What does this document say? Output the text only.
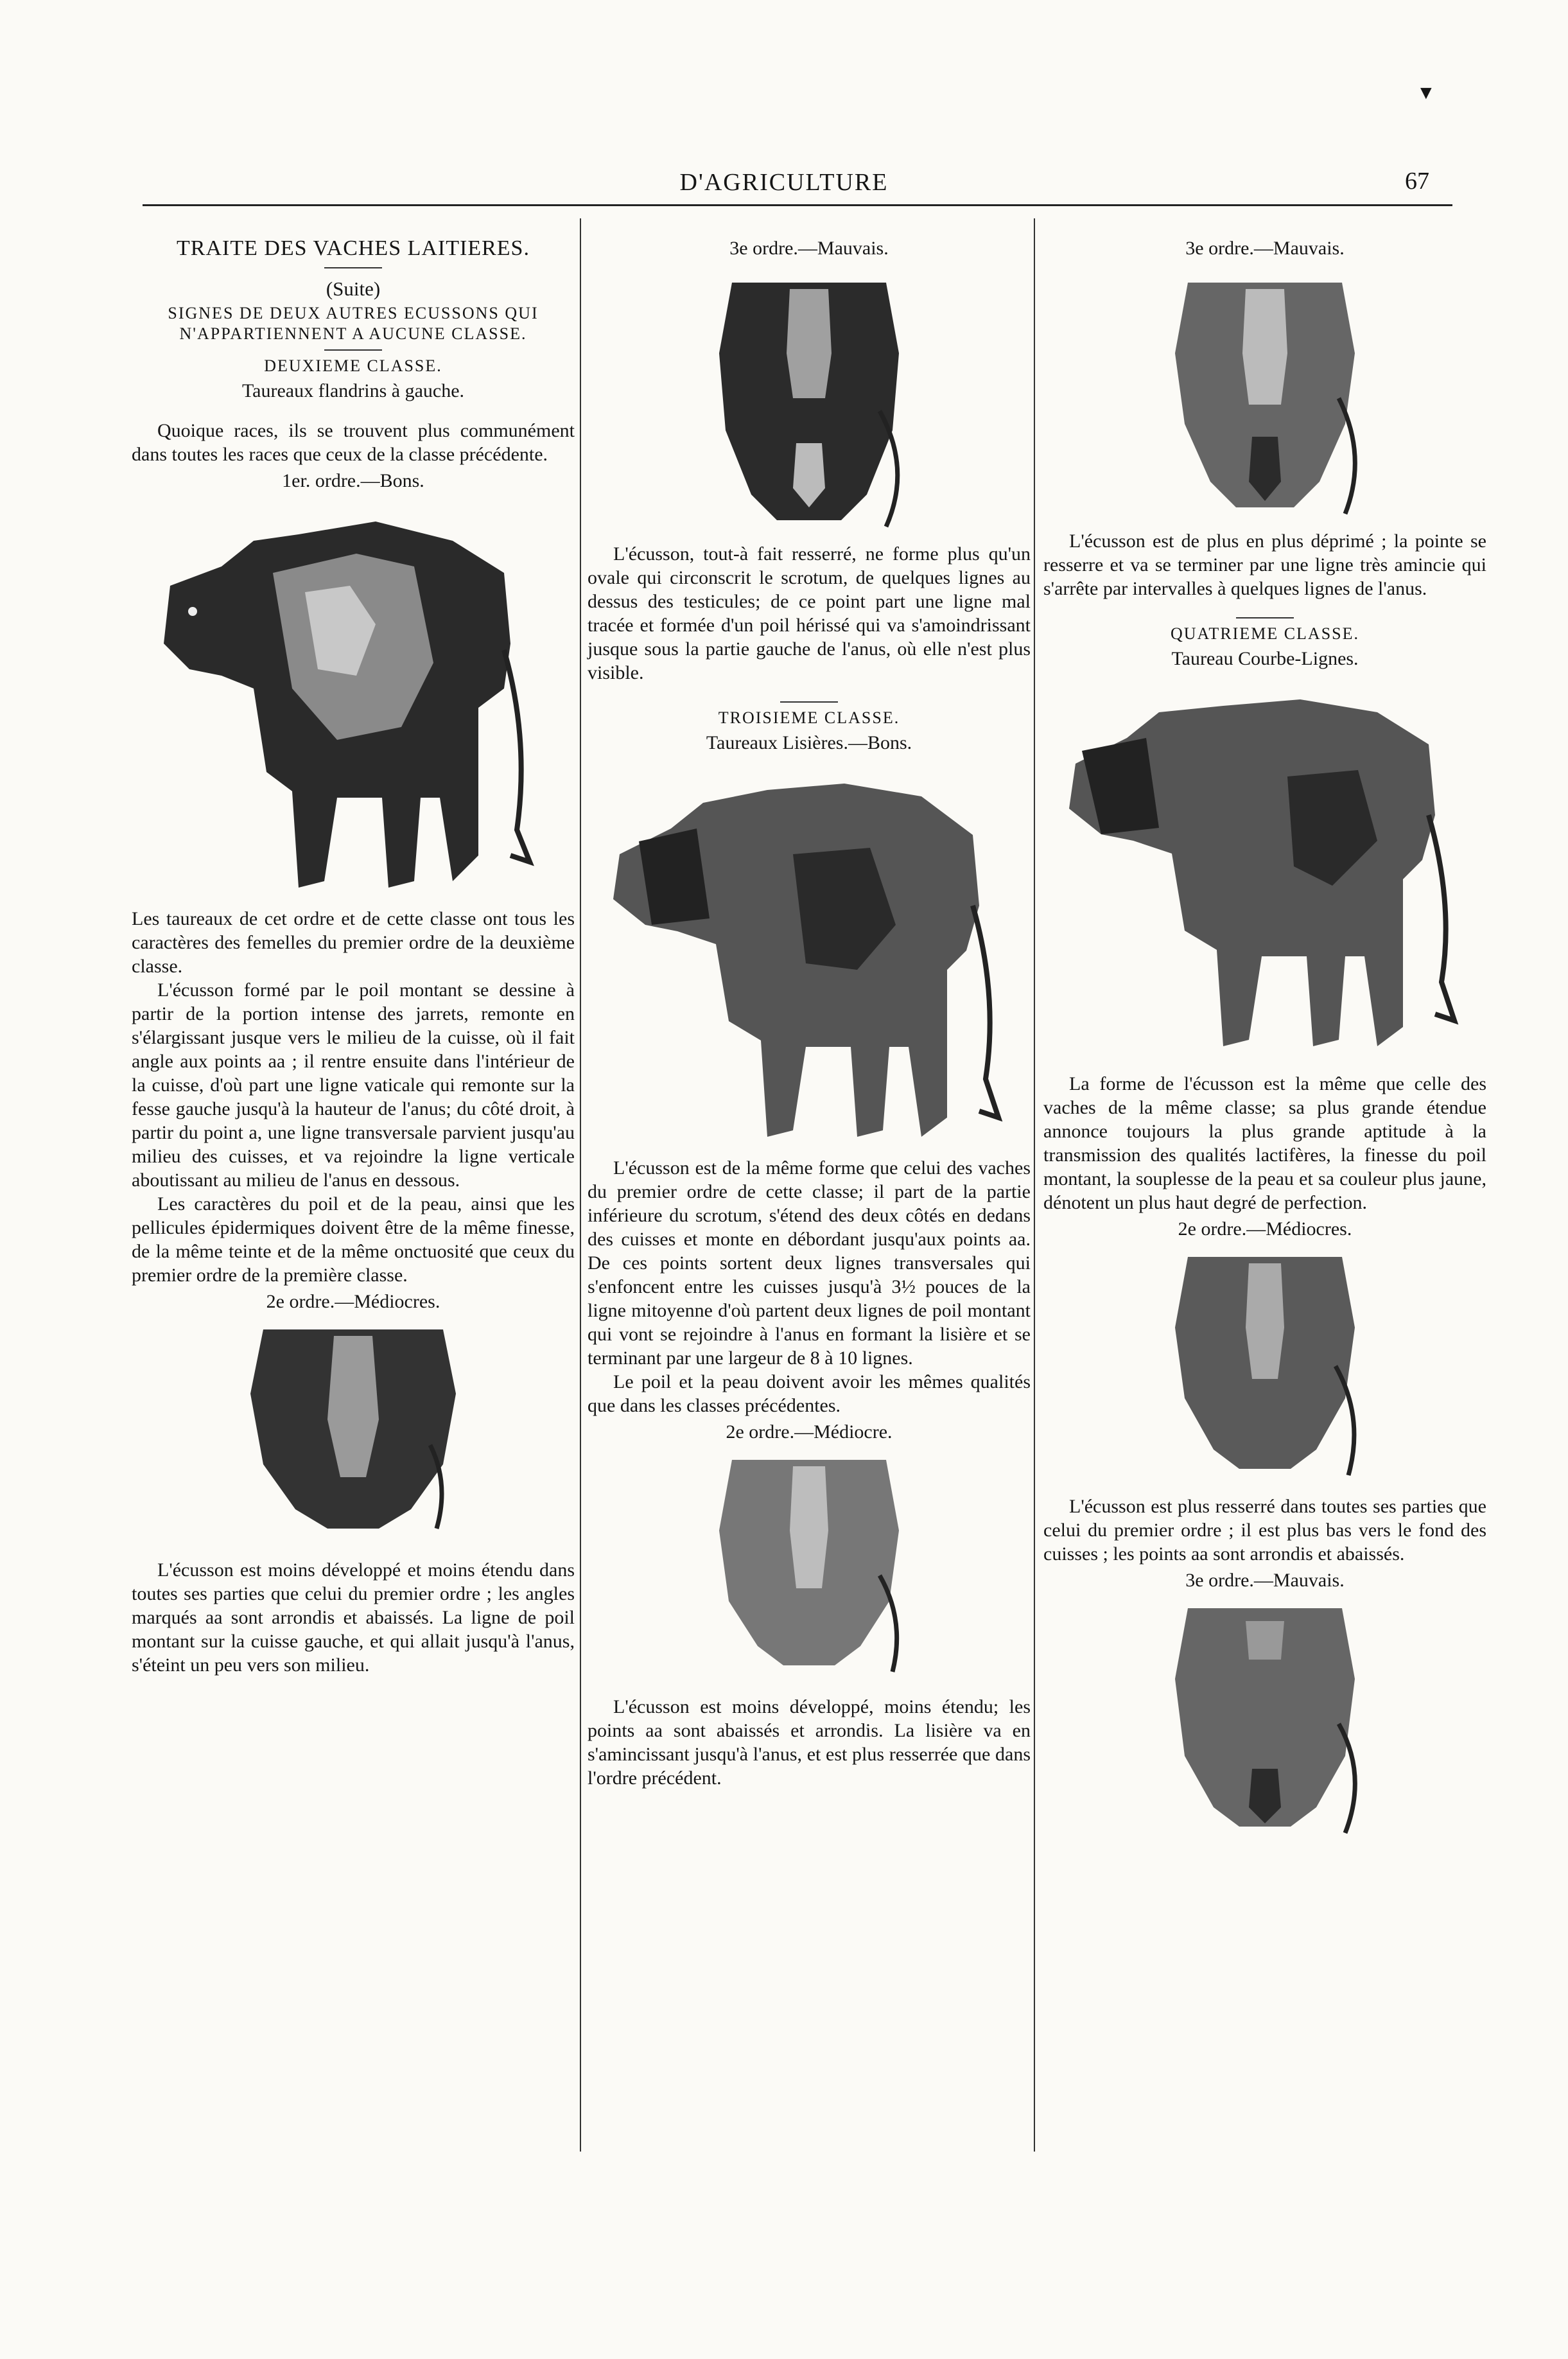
▼
D'AGRICULTURE	67

TRAITE DES VACHES LAITIERES.

(Suite)

SIGNES DE DEUX AUTRES ECUSSONS QUI N'APPARTIENNENT A AUCUNE CLASSE.

DEUXIEME CLASSE.

Taureaux flandrins à gauche.

Quoique races, ils se trouvent plus communément dans toutes les races que ceux de la classe précédente.

1er. ordre.—Bons.

Les taureaux de cet ordre et de cette classe ont tous les caractères des femelles du premier ordre de la deuxième classe.

L'écusson formé par le poil montant se dessine à partir de la portion intense des jarrets, remonte en s'élargissant jusque vers le milieu de la cuisse, où il fait angle aux points aa ; il rentre ensuite dans l'intérieur de la cuisse, d'où part une ligne vaticale qui remonte sur la fesse gauche jusqu'à la hauteur de l'anus; du côté droit, à partir du point a, une ligne transversale parvient jusqu'au milieu des cuisses, et va rejoindre la ligne verticale aboutissant au milieu de l'anus en dessous.

Les caractères du poil et de la peau, ainsi que les pellicules épidermiques doivent être de la même finesse, de la même teinte et de la même onctuosité que ceux du premier ordre de la première classe.

2e ordre.—Médiocres.

L'écusson est moins développé et moins étendu dans toutes ses parties que celui du premier ordre ; les angles marqués aa sont arrondis et abaissés. La ligne de poil montant sur la cuisse gauche, et qui allait jusqu'à l'anus, s'éteint un peu vers son milieu.

3e ordre.—Mauvais.

L'écusson, tout-à fait resserré, ne forme plus qu'un ovale qui circonscrit le scrotum, de quelques lignes au dessus des testicules; de ce point part une ligne mal tracée et formée d'un poil hérissé qui va s'amoindrissant jusque sous la partie gauche de l'anus, où elle n'est plus visible.

TROISIEME CLASSE.

Taureaux Lisières.—Bons.

L'écusson est de la même forme que celui des vaches du premier ordre de cette classe; il part de la partie inférieure du scrotum, s'étend des deux côtés en dedans des cuisses et monte en débordant jusqu'aux points aa. De ces points sortent deux lignes transversales qui s'enfoncent entre les cuisses jusqu'à 3½ pouces de la ligne mitoyenne d'où partent deux lignes de poil montant qui vont se rejoindre à l'anus en formant la lisière et se terminant par une largeur de 8 à 10 lignes.

Le poil et la peau doivent avoir les mêmes qualités que dans les classes précédentes.

2e ordre.—Médiocre.

L'écusson est moins développé, moins étendu; les points aa sont abaissés et arrondis. La lisière va en s'amincissant jusqu'à l'anus, et est plus resserrée que dans l'ordre précédent.

3e ordre.—Mauvais.

L'écusson est de plus en plus déprimé ; la pointe se resserre et va se terminer par une ligne très amincie qui s'arrête par intervalles à quelques lignes de l'anus.

QUATRIEME CLASSE.

Taureau Courbe-Lignes.

La forme de l'écusson est la même que celle des vaches de la même classe; sa plus grande étendue annonce toujours la plus grande aptitude à la transmission des qualités lactifères, la finesse du poil montant, la souplesse de la peau et sa couleur plus jaune, dénotent un plus haut degré de perfection.

2e ordre.—Médiocres.

L'écusson est plus resserré dans toutes ses parties que celui du premier ordre ; il est plus bas vers le fond des cuisses ; les points aa sont arrondis et abaissés.

3e ordre.—Mauvais.
